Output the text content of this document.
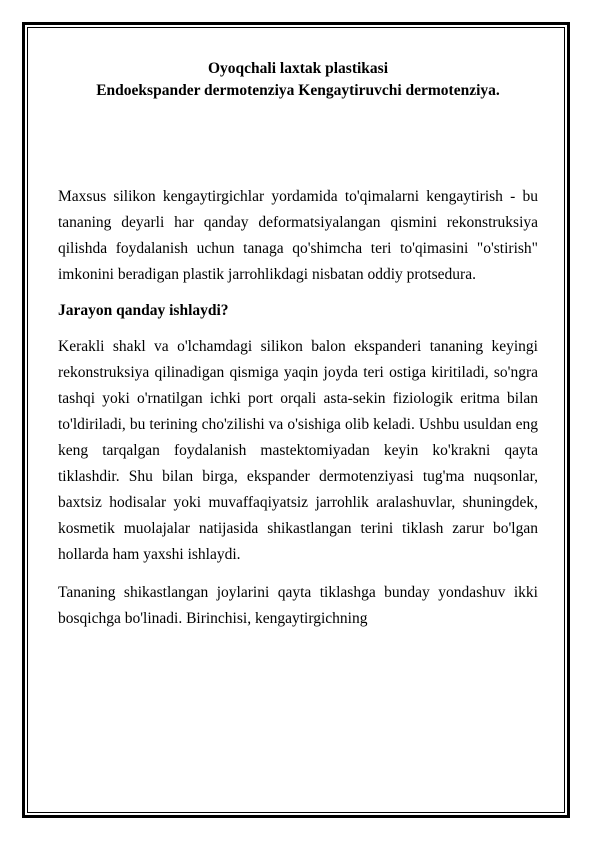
Oyoqchali laxtak plastikasi

Endoekspander dermotenziya Kengaytiruvchi dermotenziya.

Maxsus silikon kengaytirgichlar yordamida to'qimalarni kengaytirish - bu tananing deyarli har qanday deformatsiyalangan qismini rekonstruksiya qilishda foydalanish uchun tanaga qo'shimcha teri to'qimasini "o'stirish" imkonini beradigan plastik jarrohlikdagi nisbatan oddiy protsedura.

Jarayon qanday ishlaydi?

Kerakli shakl va o'lchamdagi silikon balon ekspanderi tananing keyingi rekonstruksiya qilinadigan qismiga yaqin joyda teri ostiga kiritiladi, so'ngra tashqi yoki o'rnatilgan ichki port orqali asta-sekin fiziologik eritma bilan to'ldiriladi, bu terining cho'zilishi va o'sishiga olib keladi. Ushbu usuldan eng keng tarqalgan foydalanish mastektomiyadan keyin ko'krakni qayta tiklashdir. Shu bilan birga, ekspander dermotenziyasi tug'ma nuqsonlar, baxtsiz hodisalar yoki muvaffaqiyatsiz jarrohlik aralashuvlar, shuningdek, kosmetik muolajalar natijasida shikastlangan terini tiklash zarur bo'lgan hollarda ham yaxshi ishlaydi.

Tananing shikastlangan joylarini qayta tiklashga bunday yondashuv ikki bosqichga bo'linadi. Birinchisi, kengaytirgichning
